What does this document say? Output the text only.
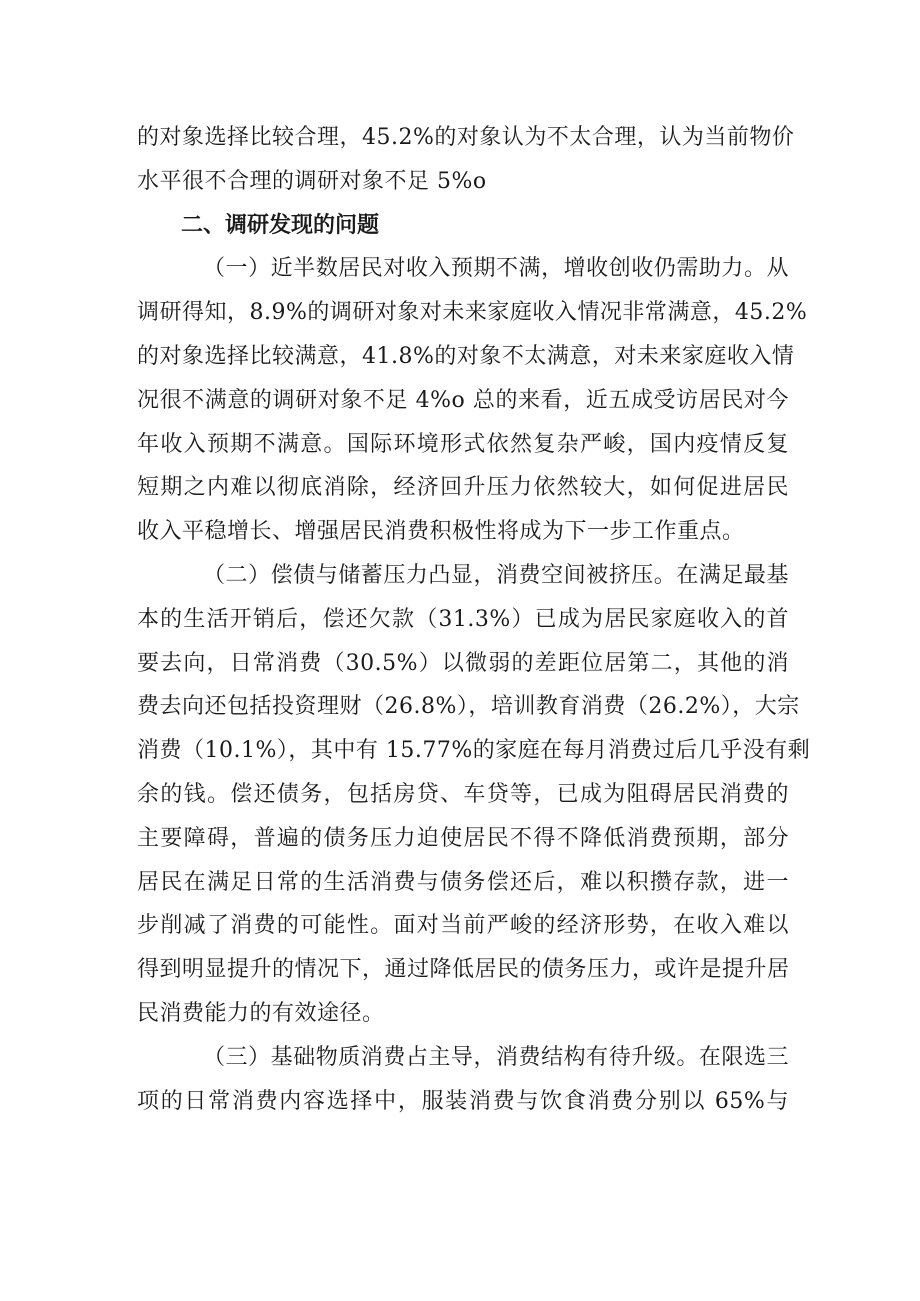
的对象选择比较合理，45.2%的对象认为不太合理，认为当前物价
水平很不合理的调研对象不足 5%o
二、调研发现的问题
（一）近半数居民对收入预期不满，增收创收仍需助力。从
调研得知，8.9%的调研对象对未来家庭收入情况非常满意，45.2%
的对象选择比较满意，41.8%的对象不太满意，对未来家庭收入情
况很不满意的调研对象不足 4%o 总的来看，近五成受访居民对今
年收入预期不满意。国际环境形式依然复杂严峻，国内疫情反复
短期之内难以彻底消除，经济回升压力依然较大，如何促进居民
收入平稳增长、增强居民消费积极性将成为下一步工作重点。
（二）偿债与储蓄压力凸显，消费空间被挤压。在满足最基
本的生活开销后，偿还欠款（31.3%）已成为居民家庭收入的首
要去向，日常消费（30.5%）以微弱的差距位居第二，其他的消
费去向还包括投资理财（26.8%），培训教育消费（26.2%），大宗
消费（10.1%），其中有 15.77%的家庭在每月消费过后几乎没有剩
余的钱。偿还债务，包括房贷、车贷等，已成为阻碍居民消费的
主要障碍，普遍的债务压力迫使居民不得不降低消费预期，部分
居民在满足日常的生活消费与债务偿还后，难以积攒存款，进一
步削减了消费的可能性。面对当前严峻的经济形势，在收入难以
得到明显提升的情况下，通过降低居民的债务压力，或许是提升居
民消费能力的有效途径。
（三）基础物质消费占主导，消费结构有待升级。在限选三
项的日常消费内容选择中，服装消费与饮食消费分别以 65%与
